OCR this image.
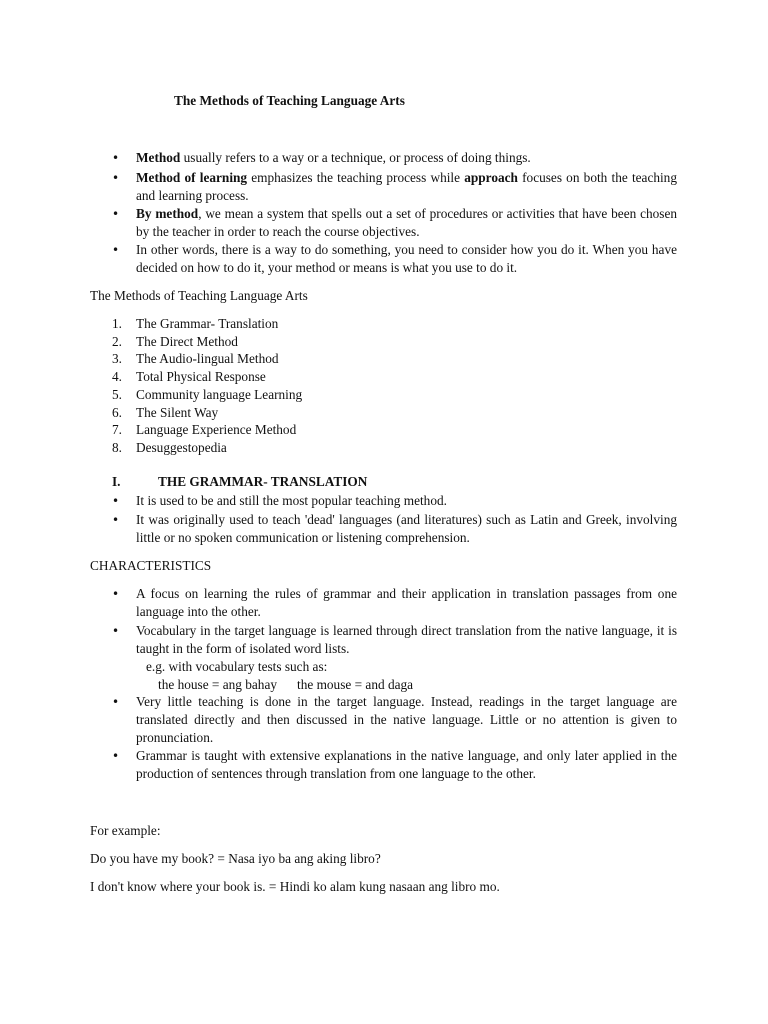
The Methods of Teaching Language Arts
•
Method usually refers to a way or a technique, or process of doing things.
•
Method of learning emphasizes the teaching process while approach focuses on both the teaching and learning process.
•
By method, we mean a system that spells out a set of procedures or activities that have been chosen by the teacher in order to reach the course objectives.
•
In other words, there is a way to do something, you need to consider how you do it. When you have decided on how to do it, your method or means is what you use to do it.
The Methods of Teaching Language Arts
1.	The Grammar- Translation
2.	The Direct Method
3.	The Audio-lingual Method
4.	Total Physical Response
5.	Community language Learning
6.	The Silent Way
7.	Language Experience Method
8.	Desuggestopedia
I.	THE GRAMMAR- TRANSLATION
•
It is used to be and still the most popular teaching method.
•
It was originally used to teach 'dead' languages (and literatures) such as Latin and Greek, involving little or no spoken communication or listening comprehension.
CHARACTERISTICS
•
A focus on learning the rules of grammar and their application in translation passages from one language into the other.
•
Vocabulary in the target language is learned through direct translation from the native language, it is taught in the form of isolated word lists.
e.g. with vocabulary tests such as:
the house = ang bahay the mouse = and daga
•
Very little teaching is done in the target language. Instead, readings in the target language are translated directly and then discussed in the native language. Little or no attention is given to pronunciation.
•
Grammar is taught with extensive explanations in the native language, and only later applied in the production of sentences through translation from one language to the other.
For example:
Do you have my book? = Nasa iyo ba ang aking libro?
I don't know where your book is. = Hindi ko alam kung nasaan ang libro mo.
